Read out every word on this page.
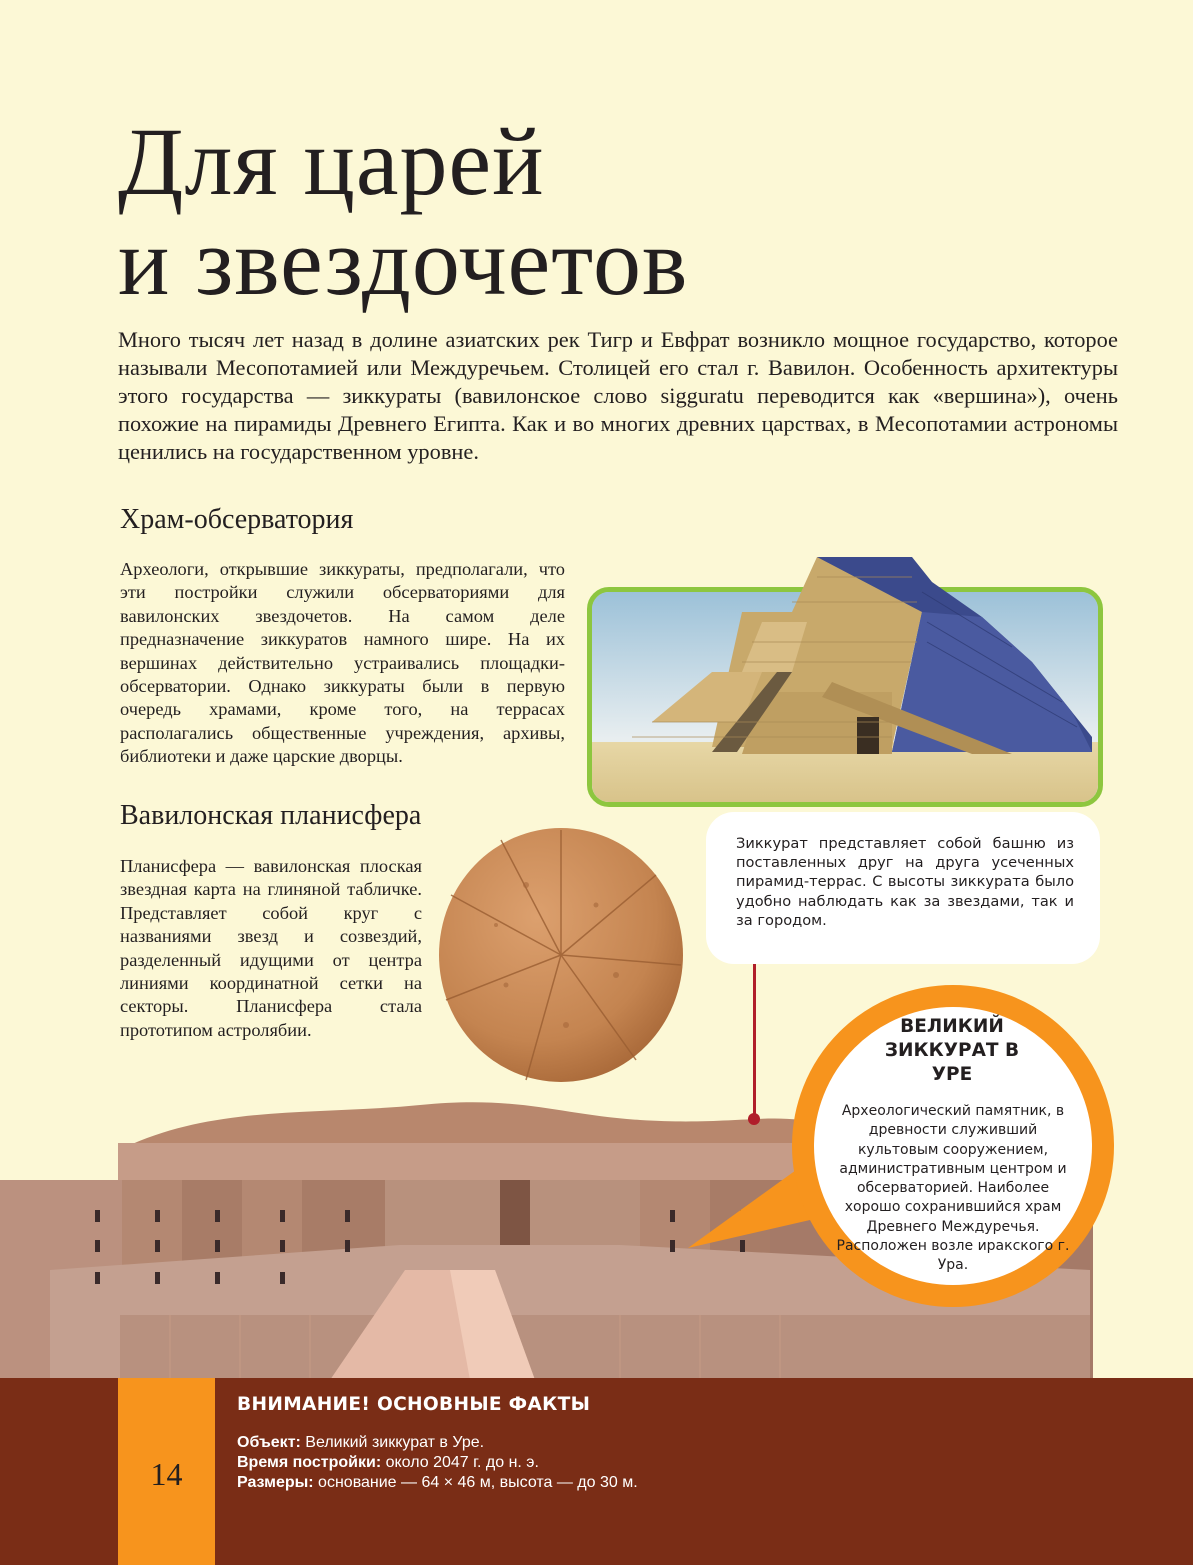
Для царей
и звездочетов

Много тысяч лет назад в долине азиатских рек Тигр и Евфрат возникло мощное государство, которое называли Месопотамией или Междуречьем. Столицей его стал г. Вавилон. Особенность архитектуры этого государства — зиккураты (вавилонское слово siggurаtu переводится как «вершина»), очень похожие на пирамиды Древнего Египта. Как и во многих древних царствах, в Месопотамии астрономы ценились на государственном уровне.

Храм-обсерватория

Археологи, открывшие зиккураты, предполагали, что эти постройки служили обсерваториями для вавилонских звездочетов. На самом деле предназначение зиккуратов намного шире. На их вершинах действительно устраивались площадки-обсерватории. Однако зиккураты были в первую очередь храмами, кроме того, на террасах располагались общественные учреждения, архивы, библиотеки и даже царские дворцы.

Вавилонская планисфера

Планисфера — вавилонская плоская звездная карта на глиняной табличке. Представляет собой круг с названиями звезд и созвездий, разделенный идущими от центра линиями координатной сетки на секторы. Планисфера стала прототипом астролябии.

Зиккурат представляет собой башню из поставленных друг на друга усеченных пирамид-террас. С высоты зиккурата было удобно наблюдать как за звездами, так и за городом.

ВЕЛИКИЙ ЗИККУРАТ В УРЕ

Археологический памятник, в древности служивший культовым сооружением, административным центром и обсерваторией. Наиболее хорошо сохранившийся храм Древнего Междуречья. Расположен возле иракского г. Ура.

14

ВНИМАНИЕ! ОСНОВНЫЕ ФАКТЫ

Объект: Великий зиккурат в Уре.

Время постройки: около 2047 г. до н. э.

Размеры: основание — 64 × 46 м, высота — до 30 м.
